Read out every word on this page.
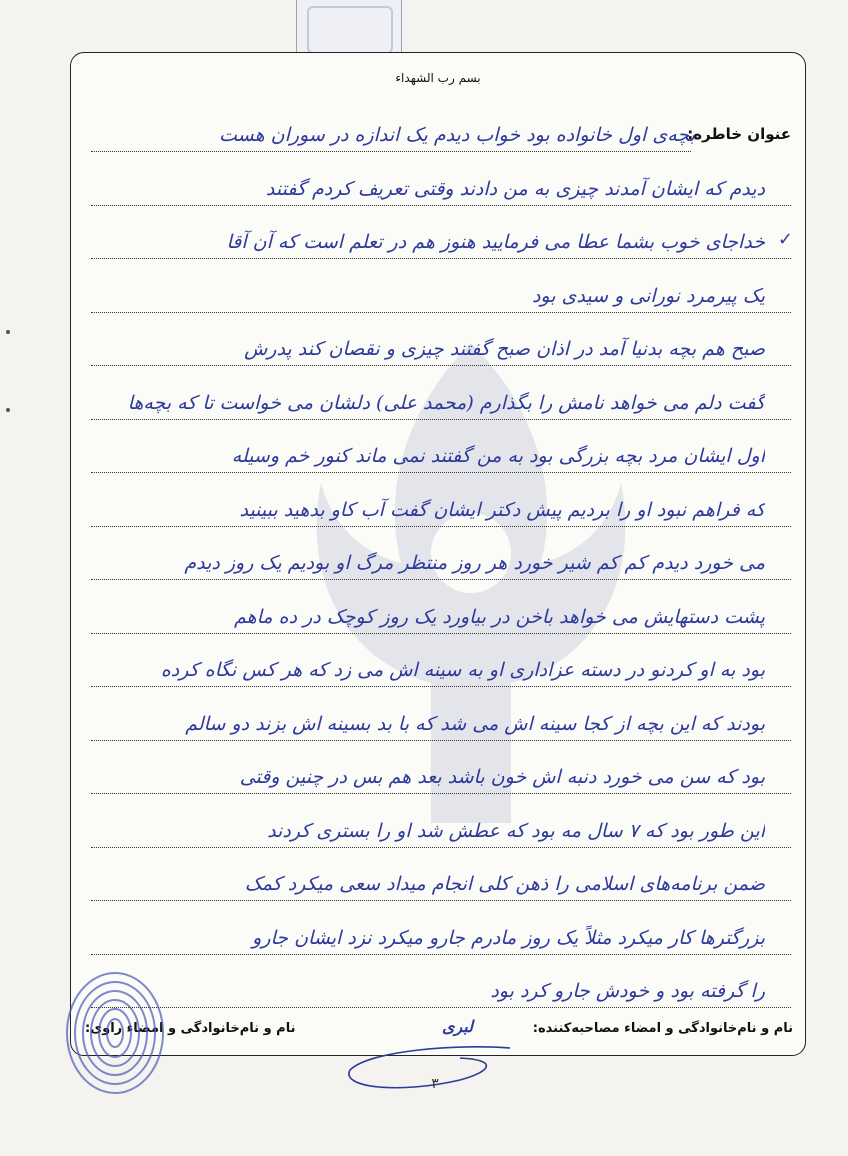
بسم رب الشهداء
عنوان خاطره:
✓
بچه‌ی اول خانواده بود خواب دیدم یک اندازه در سوران هست
دیدم که ایشان آمدند چیزی به من دادند وقتی تعریف کردم گفتند
خداجای خوب بشما عطا می فرمایید هنوز هم در تعلم است که آن آقا
یک پیرمرد نورانی و سیدی بود
صبح هم بچه بدنیا آمد در اذان صبح گفتند چیزی و نقصان کند پدرش
گفت دلم می خواهد نامش را بگذارم (محمد علی) دلشان می خواست تا که بچه‌ها
اول ایشان مرد بچه بزرگی بود به من گفتند نمی ماند کنور خم وسیله
که فراهم نبود او را بردیم پیش دکتر ایشان گفت آب کاو بدهید ببینید
می خورد دیدم کم کم شیر خورد هر روز منتظر مرگ او بودیم یک روز دیدم
پشت دستهایش می خواهد باخن در بیاورد یک روز کوچک در ده ماهم
بود به او کردنو در دسته عزاداری او به سینه اش می زد که هر کس نگاه کرده
بودند که این بچه از کجا سینه اش می شد که با بد بسینه اش بزند دو سالم
بود که سن می خورد دنبه اش خون باشد بعد هم بس در چنین وقتی
این طور بود که ۷ سال مه بود که عطش شد او را بستری کردند
ضمن برنامه‌های اسلامی را ذهن کلی انجام میداد سعی میکرد کمک
بزرگترها کار میکرد مثلاً یک روز مادرم جارو میکرد نزد ایشان جارو
را گرفته بود و خودش جارو کرد بود
نام و نام‌خانوادگی و امضاء مصاحبه‌کننده:
لبری
نام و نام‌خانوادگی و امضاء راوی:
۳
